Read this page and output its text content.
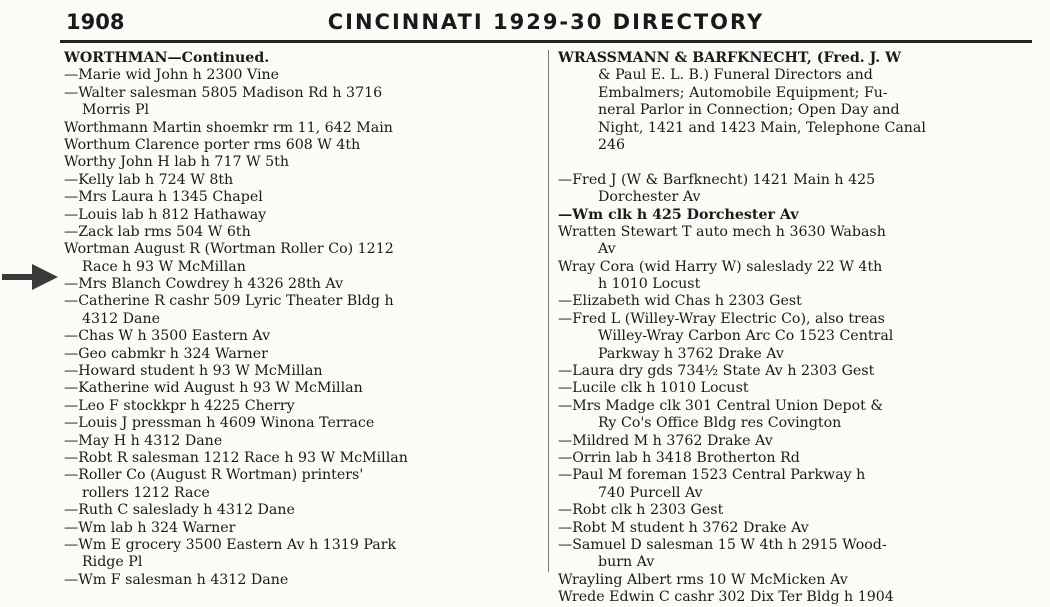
1908	CINCINNATI 1929-30 DIRECTORY
WORTHMAN—Continued.
—Marie wid John h 2300 Vine
—Walter salesman 5805 Madison Rd h 3716
Morris Pl
Worthmann Martin shoemkr rm 11, 642 Main
Worthum Clarence porter rms 608 W 4th
Worthy John H lab h 717 W 5th
—Kelly lab h 724 W 8th
—Mrs Laura h 1345 Chapel
—Louis lab h 812 Hathaway
—Zack lab rms 504 W 6th
Wortman August R (Wortman Roller Co) 1212
Race h 93 W McMillan
—Mrs Blanch Cowdrey h 4326 28th Av
—Catherine R cashr 509 Lyric Theater Bldg h
4312 Dane
—Chas W h 3500 Eastern Av
—Geo cabmkr h 324 Warner
—Howard student h 93 W McMillan
—Katherine wid August h 93 W McMillan
—Leo F stockkpr h 4225 Cherry
—Louis J pressman h 4609 Winona Terrace
—May H h 4312 Dane
—Robt R salesman 1212 Race h 93 W McMillan
—Roller Co (August R Wortman) printers'
rollers 1212 Race
—Ruth C saleslady h 4312 Dane
—Wm lab h 324 Warner
—Wm E grocery 3500 Eastern Av h 1319 Park
Ridge Pl
—Wm F salesman h 4312 Dane
WRASSMANN & BARFKNECHT, (Fred. J. W
& Paul E. L. B.) Funeral Directors and
Embalmers; Automobile Equipment; Fu-
neral Parlor in Connection; Open Day and
Night, 1421 and 1423 Main, Telephone Canal
246
—Fred J (W & Barfknecht) 1421 Main h 425
Dorchester Av
—Wm clk h 425 Dorchester Av
Wratten Stewart T auto mech h 3630 Wabash
Av
Wray Cora (wid Harry W) saleslady 22 W 4th
h 1010 Locust
—Elizabeth wid Chas h 2303 Gest
—Fred L (Willey-Wray Electric Co), also treas
Willey-Wray Carbon Arc Co 1523 Central
Parkway h 3762 Drake Av
—Laura dry gds 734½ State Av h 2303 Gest
—Lucile clk h 1010 Locust
—Mrs Madge clk 301 Central Union Depot &
Ry Co's Office Bldg res Covington
—Mildred M h 3762 Drake Av
—Orrin lab h 3418 Brotherton Rd
—Paul M foreman 1523 Central Parkway h
740 Purcell Av
—Robt clk h 2303 Gest
—Robt M student h 3762 Drake Av
—Samuel D salesman 15 W 4th h 2915 Wood-
burn Av
Wrayling Albert rms 10 W McMicken Av
Wrede Edwin C cashr 302 Dix Ter Bldg h 1904
